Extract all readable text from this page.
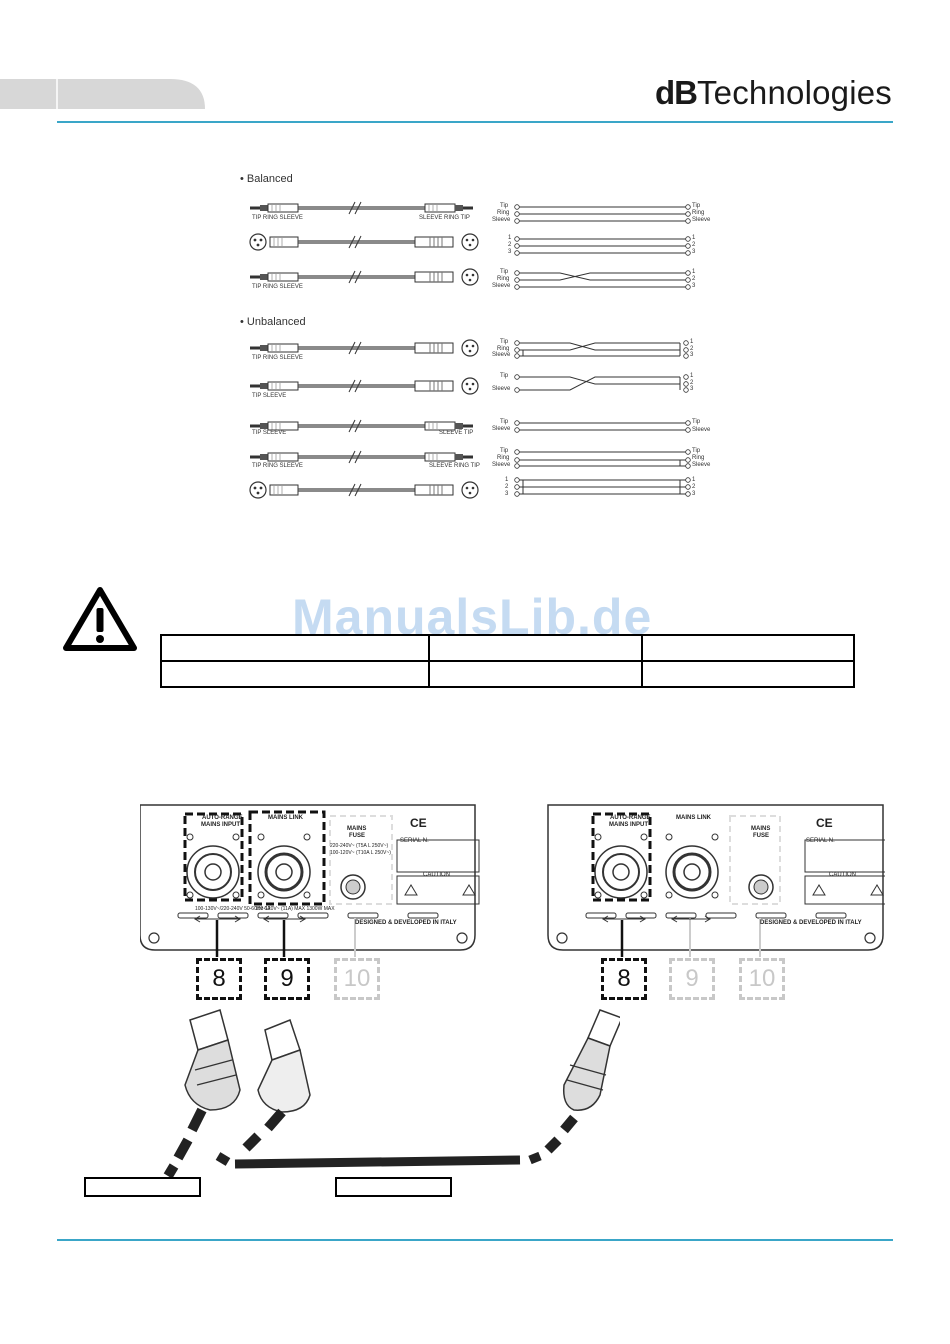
dBTechnologies
• Balanced
• Unbalanced
TIP RING SLEEVE	SLEEVE RING TIP
TIP RING SLEEVE
TIP RING SLEEVE
TIP SLEEVE
TIP SLEEVE	SLEEVE TIP
TIP RING SLEEVE	SLEEVE RING TIP
Tip
Ring
Sleeve
Tip
Ring
Sleeve
1
2
3
1
2
3
Tip
Ring
Sleeve
1
2
3
Tip
Ring
Sleeve
1
2
3
Tip
Sleeve
1
2
3
Tip
Sleeve
Tip
Sleeve
Tip
Ring
Sleeve
Tip
Ring
Sleeve
1
2
3
1
2
3
ManualsLib.de

AUTO-RANGE
MAINS INPUT
MAINS LINK
MAINS
FUSE
CE
SERIAL N.
CAUTION
DESIGNED & DEVELOPED IN ITALY
100-130V~/220-240V 50-60Hz 6A
100-120V~ (11A) MAX 1300W MAX
220-240V~ (T5A L 250V~)
100-120V~ (T10A L 250V~)
AUTO-RANGE
MAINS INPUT
MAINS LINK
MAINS
FUSE
CE
SERIAL N.
CAUTION
DESIGNED & DEVELOPED IN ITALY
8	9	10	8	9	10
